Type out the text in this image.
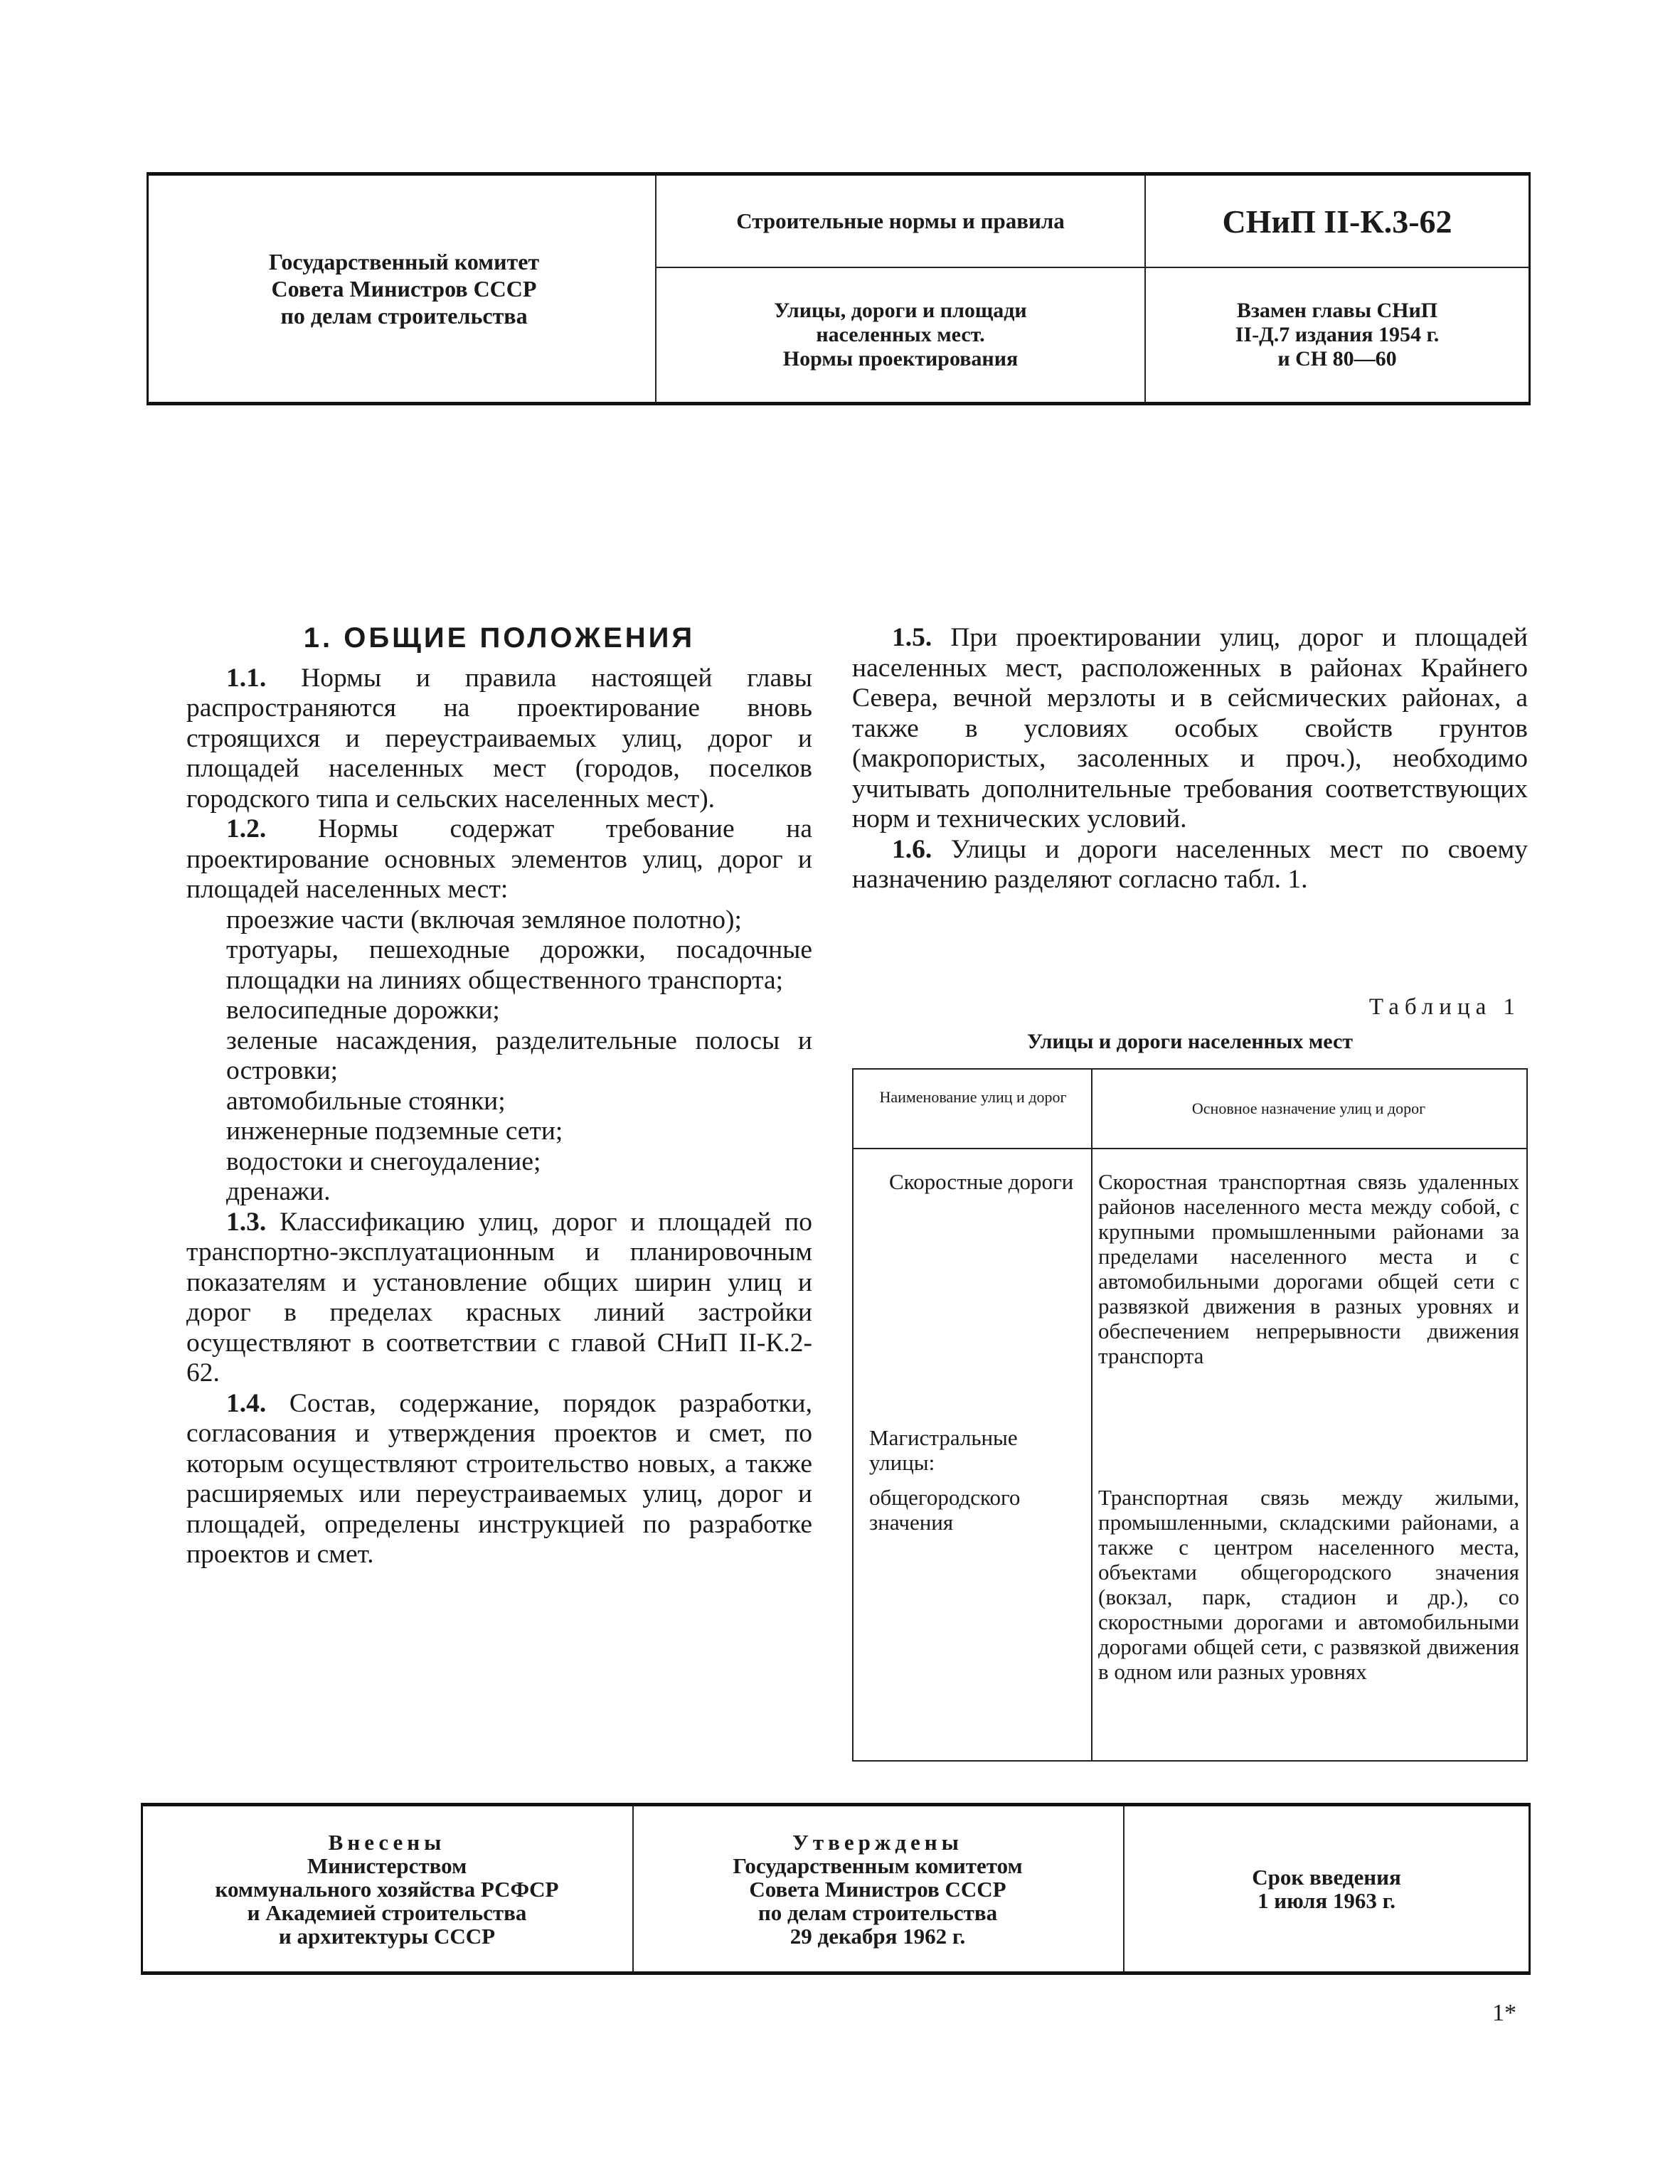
Государственный комитет
Совета Министров СССР
по делам строительства
Строительные нормы и правила	СНиП II-К.3-62
Улицы, дороги и площади
населенных мест.
Нормы проектирования
Взамен главы СНиП
II-Д.7 издания 1954 г.
и СН 80—60
1. ОБЩИЕ ПОЛОЖЕНИЯ

1.1. Нормы и правила настоящей главы распространяются на проектирование вновь строящихся и переустраиваемых улиц, дорог и площадей населенных мест (городов, поселков городского типа и сельских населенных мест).

1.2. Нормы содержат требование на проектирование основных элементов улиц, дорог и площадей населенных мест:

проезжие части (включая земляное полотно);
тротуары, пешеходные дорожки, посадочные площадки на линиях общественного транспорта;
велосипедные дорожки;
зеленые насаждения, разделительные полосы и островки;
автомобильные стоянки;
инженерные подземные сети;
водостоки и снегоудаление;
дренажи.

1.3. Классификацию улиц, дорог и площадей по транспортно-эксплуатационным и планировочным показателям и установление общих ширин улиц и дорог в пределах красных линий застройки осуществляют в соответствии с главой СНиП II-К.2-62.

1.4. Состав, содержание, порядок разработки, согласования и утверждения проектов и смет, по которым осуществляют строительство новых, а также расширяемых или переустраиваемых улиц, дорог и площадей, определены инструкцией по разработке проектов и смет.

1.5. При проектировании улиц, дорог и площадей населенных мест, расположенных в районах Крайнего Севера, вечной мерзлоты и в сейсмических районах, а также в условиях особых свойств грунтов (макропористых, засоленных и проч.), необходимо учитывать дополнительные требования соответствующих норм и технических условий.

1.6. Улицы и дороги населенных мест по своему назначению разделяют согласно табл. 1.

Таблица 1
Улицы и дороги населенных мест
Наименование улиц и дорог
Основное назначение улиц и дорог
Скоростные дороги	Скоростная транспортная связь удаленных районов населенного места между собой, с крупными промышленными районами за пределами населенного места и с автомобильными дорогами общей сети с развязкой движения в разных уровнях и обеспечением непрерывности движения транспорта
Магистральные улицы:
общегородского значения
Транспортная связь между жилыми, промышленными, складскими районами, а также с центром населенного места, объектами общегородского значения (вокзал, парк, стадион и др.), со скоростными дорогами и автомобильными дорогами общей сети, с развязкой движения в одном или разных уровнях
Внесены
Министерством
коммунального хозяйства РСФСР
и Академией строительства
и архитектуры СССР
Утверждены
Государственным комитетом
Совета Министров СССР
по делам строительства
29 декабря 1962 г.
Срок введения
1 июля 1963 г.
1*
